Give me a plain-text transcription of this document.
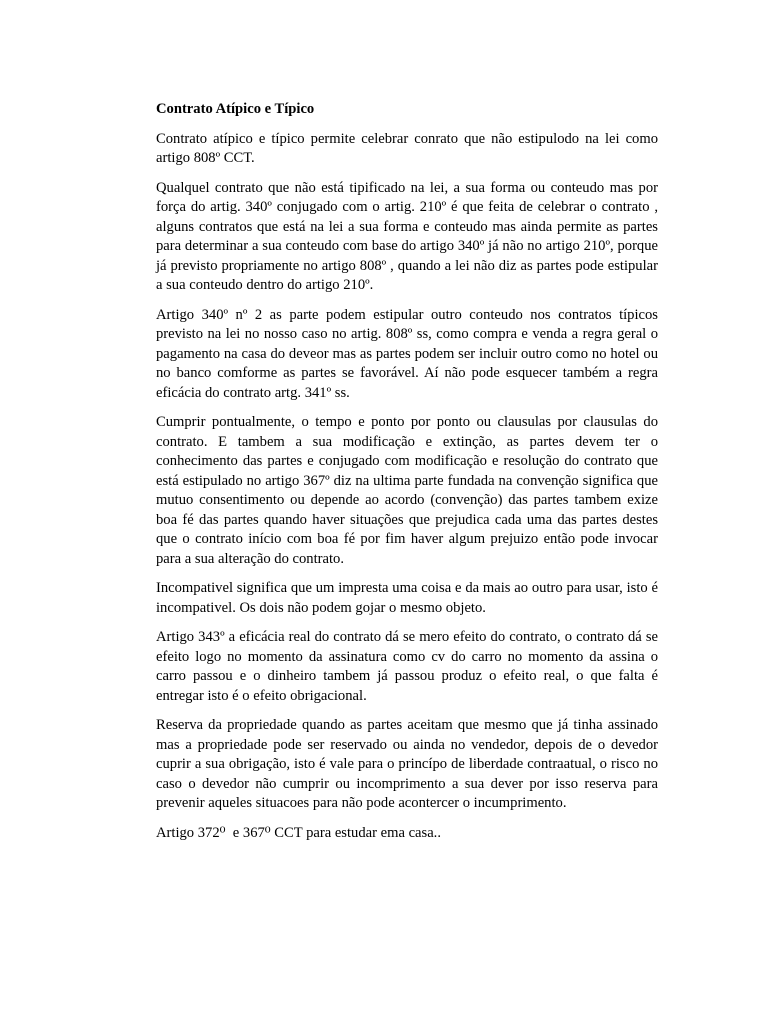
Contrato Atípico e Típico

Contrato atípico e típico permite celebrar conrato que não estipulodo na lei como artigo 808º CCT.

Qualquel contrato que não está tipificado na lei, a sua forma ou conteudo mas por força do artig. 340º conjugado com o artig. 210º é que feita de celebrar o contrato , alguns contratos que está na lei a sua forma e conteudo mas ainda permite as partes para determinar a sua conteudo com base do artigo 340º já não no artigo 210º, porque já previsto propriamente no artigo 808º , quando a lei não diz as partes pode estipular a sua conteudo dentro do artigo 210º.

Artigo 340º nº 2 as parte podem estipular outro conteudo nos contratos típicos previsto na lei no nosso caso no artig. 808º ss, como compra e venda a regra geral o pagamento na casa do deveor mas as partes podem ser incluir outro como no hotel ou no banco comforme as partes se favorável. Aí não pode esquecer também a regra eficácia do contrato artg. 341º ss.

Cumprir pontualmente, o tempo e ponto por ponto ou clausulas por clausulas do contrato. E tambem a sua modificação e extinção, as partes devem ter o conhecimento das partes e conjugado com modificação e resolução do contrato que está estipulado no artigo 367º diz na ultima parte fundada na convenção significa que mutuo consentimento ou depende ao acordo (convenção) das partes tambem exize boa fé das partes quando haver situações que prejudica cada uma das partes destes que o contrato início com boa fé por fim haver algum prejuizo então pode invocar para a sua alteração do contrato.

Incompativel significa que um impresta uma coisa e da mais ao outro para usar, isto é incompativel. Os dois não podem gojar o mesmo objeto.

Artigo 343º a eficácia real do contrato dá se mero efeito do contrato, o contrato dá se efeito logo no momento da assinatura como cv do carro no momento da assina o carro passou e o dinheiro tambem já passou produz o efeito real, o que falta é entregar isto é o efeito obrigacional.

Reserva da propriedade quando as partes aceitam que mesmo que já tinha assinado mas a propriedade pode ser reservado ou ainda no vendedor, depois de o devedor cuprir a sua obrigação, isto é vale para o princípo de liberdade contraatual, o risco no caso o devedor não cumprir ou incomprimento a sua dever por isso reserva para prevenir aqueles situacoes para não pode acontercer o incumprimento.

Artigo 372⁰  e 367⁰ CCT para estudar ema casa..
